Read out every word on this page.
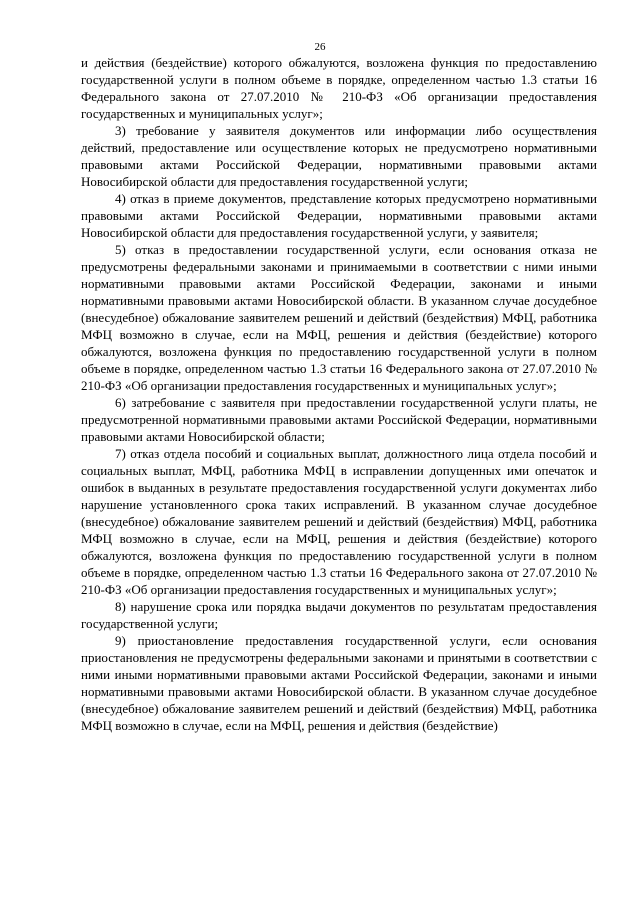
26

и действия (бездействие) которого обжалуются, возложена функция по предоставлению государственной услуги в полном объеме в порядке, определенном частью 1.3 статьи 16 Федерального закона от 27.07.2010 № 210-ФЗ «Об организации предоставления государственных и муниципальных услуг»;

3) требование у заявителя документов или информации либо осуществления действий, предоставление или осуществление которых не предусмотрено нормативными правовыми актами Российской Федерации, нормативными правовыми актами Новосибирской области для предоставления государственной услуги;

4) отказ в приеме документов, представление которых предусмотрено нормативными правовыми актами Российской Федерации, нормативными правовыми актами Новосибирской области для предоставления государственной услуги, у заявителя;

5) отказ в предоставлении государственной услуги, если основания отказа не предусмотрены федеральными законами и принимаемыми в соответствии с ними иными нормативными правовыми актами Российской Федерации, законами и иными нормативными правовыми актами Новосибирской области. В указанном случае досудебное (внесудебное) обжалование заявителем решений и действий (бездействия) МФЦ, работника МФЦ возможно в случае, если на МФЦ, решения и действия (бездействие) которого обжалуются, возложена функция по предоставлению государственной услуги в полном объеме в порядке, определенном частью 1.3 статьи 16 Федерального закона от 27.07.2010 № 210-ФЗ «Об организации предоставления государственных и муниципальных услуг»;

6) затребование с заявителя при предоставлении государственной услуги платы, не предусмотренной нормативными правовыми актами Российской Федерации, нормативными правовыми актами Новосибирской области;

7) отказ отдела пособий и социальных выплат, должностного лица отдела пособий и социальных выплат, МФЦ, работника МФЦ в исправлении допущенных ими опечаток и ошибок в выданных в результате предоставления государственной услуги документах либо нарушение установленного срока таких исправлений. В указанном случае досудебное (внесудебное) обжалование заявителем решений и действий (бездействия) МФЦ, работника МФЦ возможно в случае, если на МФЦ, решения и действия (бездействие) которого обжалуются, возложена функция по предоставлению государственной услуги в полном объеме в порядке, определенном частью 1.3 статьи 16 Федерального закона от 27.07.2010 № 210-ФЗ «Об организации предоставления государственных и муниципальных услуг»;

8) нарушение срока или порядка выдачи документов по результатам предоставления государственной услуги;

9) приостановление предоставления государственной услуги, если основания приостановления не предусмотрены федеральными законами и принятыми в соответствии с ними иными нормативными правовыми актами Российской Федерации, законами и иными нормативными правовыми актами Новосибирской области. В указанном случае досудебное (внесудебное) обжалование заявителем решений и действий (бездействия) МФЦ, работника МФЦ возможно в случае, если на МФЦ, решения и действия (бездействие)
